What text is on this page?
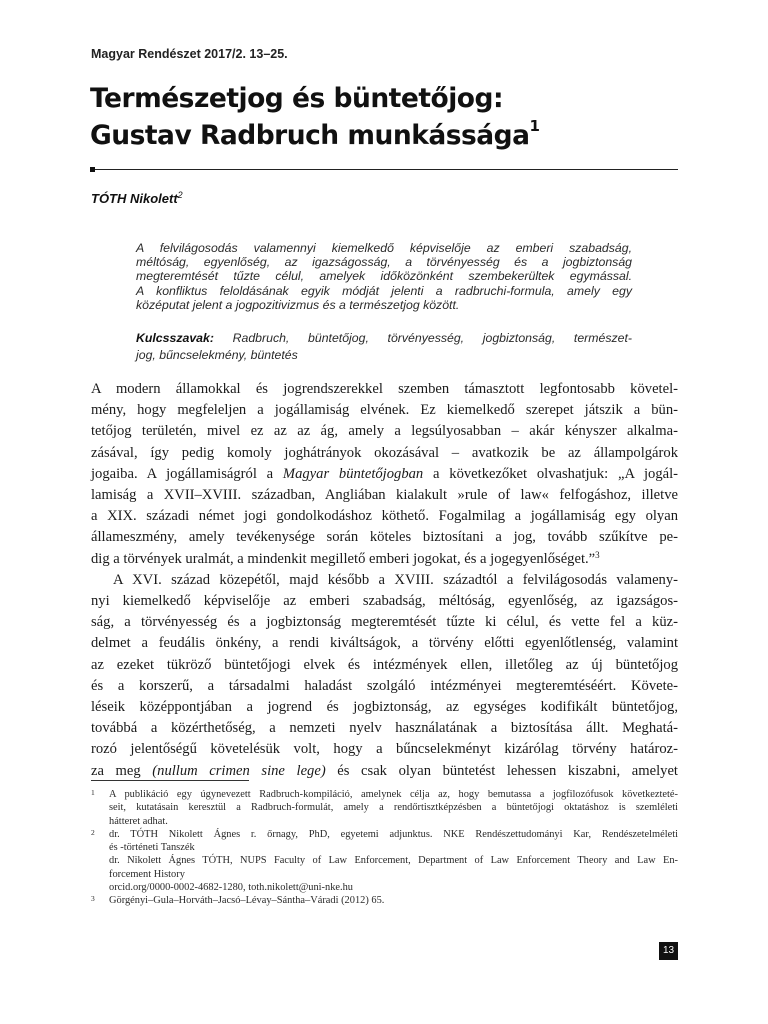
Magyar Rendészet 2017/2. 13–25.
Természetjog és büntetőjog:
Gustav Radbruch munkássága$^1$
TÓTH Nikolett$^2$
A felvilágosodás valamennyi kiemelkedő képviselője az emberi szabadság,
méltóság, egyenlőség, az igazságosság, a törvényesség és a jogbiztonság
megteremtését tűzte célul, amelyek időközönként szembekerültek egymással.
A konfliktus feloldásának egyik módját jelenti a radbruchi-formula, amely egy
középutat jelent a jogpozitivizmus és a természetjog között.
Kulcsszavak: Radbruch, büntetőjog, törvényesség, jogbiztonság, természet-
jog, bűncselekmény, büntetés
A modern államokkal és jogrendszerekkel szemben támasztott legfontosabb követel-
mény, hogy megfeleljen a jogállamiság elvének. Ez kiemelkedő szerepet játszik a bün-
tetőjog területén, mivel ez az az ág, amely a legsúlyosabban – akár kényszer alkalma-
zásával, így pedig komoly joghátrányok okozásával – avatkozik be az állampolgárok
jogaiba. A jogállamiságról a Magyar büntetőjogban a következőket olvashatjuk: „A jogál-
lamiság a XVII–XVIII. században, Angliában kialakult »rule of law« felfogáshoz, illetve
a XIX. századi német jogi gondolkodáshoz köthető. Fogalmilag a jogállamiság egy olyan
állameszmény, amely tevékenysége során köteles biztosítani a jog, tovább szűkítve pe-
dig a törvények uralmát, a mindenkit megillető emberi jogokat, és a jogegyenlőséget.”$^3$
A XVI. század közepétől, majd később a XVIII. századtól a felvilágosodás valameny-
nyi kiemelkedő képviselője az emberi szabadság, méltóság, egyenlőség, az igazságos-
ság, a törvényesség és a jogbiztonság megteremtését tűzte ki célul, és vette fel a küz-
delmet a feudális önkény, a rendi kiváltságok, a törvény előtti egyenlőtlenség, valamint
az ezeket tükröző büntetőjogi elvek és intézmények ellen, illetőleg az új büntetőjog
és a korszerű, a társadalmi haladást szolgáló intézményei megteremtéséért. Követe-
léseik középpontjában a jogrend és jogbiztonság, az egységes kodifikált büntetőjog,
továbbá a közérthetőség, a nemzeti nyelv használatának a biztosítása állt. Meghatá-
rozó jelentőségű követelésük volt, hogy a bűncselekményt kizárólag törvény határoz-
za meg (nullum crimen sine lege) és csak olyan büntetést lehessen kiszabni, amelyet
1 A publikáció egy úgynevezett Radbruch-kompiláció, amelynek célja az, hogy bemutassa a jogfilozófusok következteté-
seit, kutatásain keresztül a Radbruch-formulát, amely a rendőrtisztképzésben a büntetőjogi oktatáshoz is szemléleti
hátteret adhat.
2 dr. TÓTH Nikolett Ágnes r. őrnagy, PhD, egyetemi adjunktus. NKE Rendészettudományi Kar, Rendészetelméleti
és -történeti Tanszék
dr. Nikolett Ágnes TÓTH, NUPS Faculty of Law Enforcement, Department of Law Enforcement Theory and Law En-
forcement History
orcid.org/0000-0002-4682-1280, toth.nikolett@uni-nke.hu
3 Görgényi–Gula–Horváth–Jacsó–Lévay–Sántha–Váradi (2012) 65.
13
